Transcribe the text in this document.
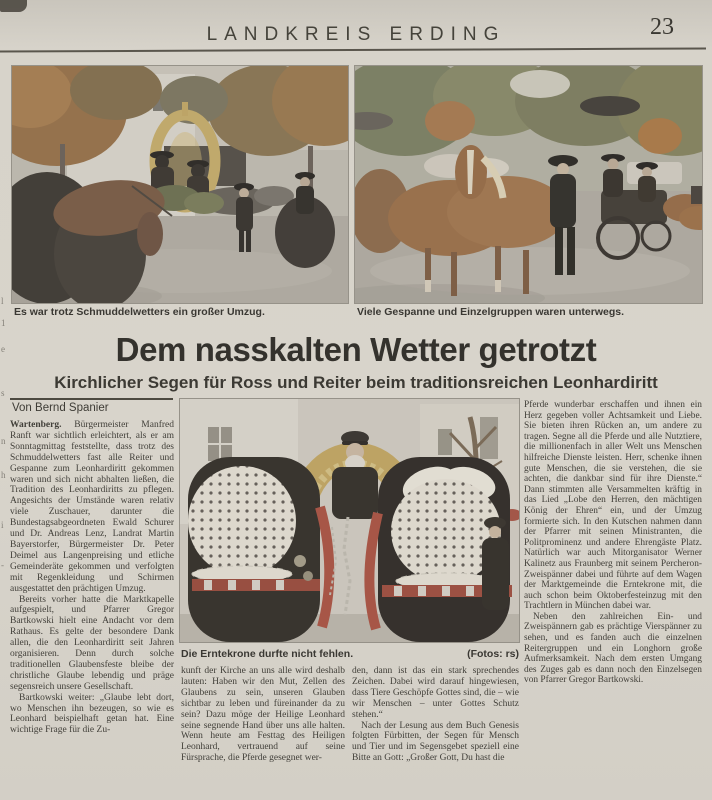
LANDKREIS ERDING	23
l
1
e
s
n
h
i
-
Es war trotz Schmuddelwetters ein großer Umzug.	Viele Gespanne und Einzelgruppen waren unterwegs.
Dem nasskalten Wetter getrotzt
Kirchlicher Segen für Ross und Reiter beim traditionsreichen Leonhardiritt
Von Bernd Spanier
Die Erntekrone durfte nicht fehlen.	(Fotos: rs)

Wartenberg. Bürgermeister Manfred Ranft war sichtlich erleichtert, als er am Sonntagmittag feststellte, dass trotz des Schmuddelwetters fast alle Reiter und Gespanne zum Leonhardiritt gekommen waren und sich nicht abhalten ließen, die Tradition des Leonhardiritts zu pflegen. Angesichts der Umstände waren relativ viele Zuschauer, darunter die Bundestagsabgeordneten Ewald Schurer und Dr. Andreas Lenz, Landrat Martin Bayerstorfer, Bürgermeister Dr. Peter Deimel aus Langenpreising und etliche Gemeinderäte gekommen und verfolgten mit Regenkleidung und Schirmen ausgestattet den prächtigen Umzug.

Bereits vorher hatte die Marktkapelle aufgespielt, und Pfarrer Gregor Bartkowski hielt eine Andacht vor dem Rathaus. Es gelte der besondere Dank allen, die den Leonhardiritt seit Jahren organisieren. Denn durch solche traditionellen Glaubensfeste bleibe der christliche Glaube lebendig und präge segensreich unsere Gesellschaft.

Bartkowski weiter: „Glaube lebt dort, wo Menschen ihn bezeugen, so wie es Leonhard beispielhaft getan hat. Eine wichtige Frage für die Zu-

kunft der Kirche an uns alle wird deshalb lauten: Haben wir den Mut, Zellen des Glaubens zu sein, unseren Glauben sichtbar zu leben und füreinander da zu sein? Dazu möge der Heilige Leonhard seine segnende Hand über uns alle halten. Wenn heute am Festtag des Heiligen Leonhard, vertrauend auf seine Fürsprache, die Pferde gesegnet wer-

den, dann ist das ein stark sprechendes Zeichen. Dabei wird darauf hingewiesen, dass Tiere Geschöpfe Gottes sind, die – wie wir Menschen – unter Gottes Schutz stehen.“

Nach der Lesung aus dem Buch Genesis folgten Fürbitten, der Segen für Mensch und Tier und im Segensgebet speziell eine Bitte an Gott: „Großer Gott, Du hast die

Pferde wunderbar erschaffen und ihnen ein Herz gegeben voller Achtsamkeit und Liebe. Sie bieten ihren Rücken an, um andere zu tragen. Segne all die Pferde und alle Nutztiere, die millionenfach in aller Welt uns Menschen hilfreiche Dienste leisten. Herr, schenke ihnen gute Menschen, die sie verstehen, die sie achten, die dankbar sind für ihre Dienste.“ Dann stimmten alle Versammelten kräftig in das Lied „Lobe den Herren, den mächtigen König der Ehren“ ein, und der Umzug formierte sich. In den Kutschen nahmen dann der Pfarrer mit seinen Ministranten, die Politprominenz und andere Ehrengäste Platz. Natürlich war auch Mitorganisator Werner Kalinetz aus Fraunberg mit seinem Percheron-Zweispänner dabei und führte auf dem Wagen der Marktgemeinde die Erntekrone mit, die auch schon beim Oktoberfesteinzug mit den Trachtlern in München dabei war.

Neben den zahlreichen Ein- und Zweispännern gab es prächtige Vierspänner zu sehen, und es fanden auch die einzelnen Reitergruppen und ein Longhorn große Aufmerksamkeit. Nach dem ersten Umgang des Zuges gab es dann noch den Einzelsegen von Pfarrer Gregor Bartkowski.
